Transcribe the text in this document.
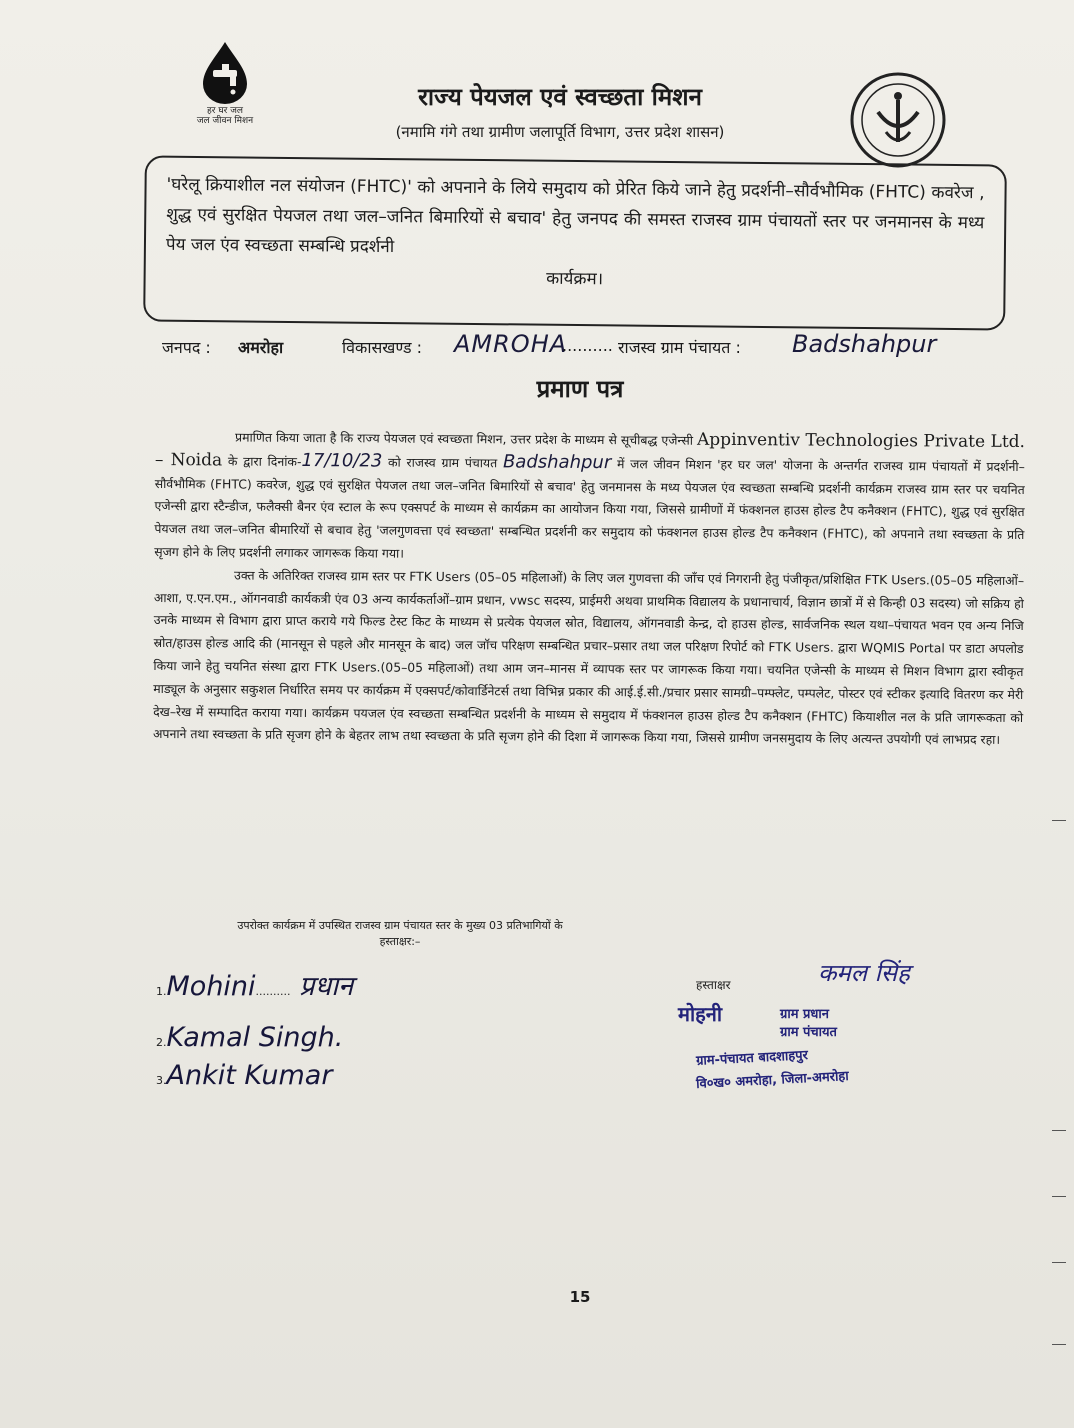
हर घर जल
जल जीवन मिशन
राज्य पेयजल एवं स्वच्छता मिशन
(नमामि गंगे तथा ग्रामीण जलापूर्ति विभाग, उत्तर प्रदेश शासन)
'घरेलू क्रियाशील नल संयोजन (FHTC)' को अपनाने के लिये समुदाय को प्रेरित किये जाने हेतु प्रदर्शनी–सौर्वभौमिक (FHTC) कवरेज , शुद्ध एवं सुरक्षित पेयजल तथा जल–जनित बिमारियों से बचाव' हेतु जनपद की समस्त राजस्व ग्राम पंचायतों स्तर पर जनमानस के मध्य पेय जल एंव स्वच्छता सम्बन्धि प्रदर्शनी
कार्यक्रम।
जनपद : अमरोहा	विकासखण्ड : AMROHA
.......... राजस्व ग्राम पंचायत : Badshahpur
प्रमाण पत्र

प्रमाणित किया जाता है कि राज्य पेयजल एवं स्वच्छता मिशन, उत्तर प्रदेश के माध्यम से सूचीबद्ध एजेन्सी Appinventiv Technologies Private Ltd. – Noida के द्वारा दिनांक-17/10/23 को राजस्व ग्राम पंचायत Badshahpur में जल जीवन मिशन 'हर घर जल' योजना के अन्तर्गत राजस्व ग्राम पंचायतों में प्रदर्शनी–सौर्वभौमिक (FHTC) कवरेज, शुद्ध एवं सुरक्षित पेयजल तथा जल–जनित बिमारियों से बचाव' हेतु जनमानस के मध्य पेयजल एंव स्वच्छता सम्बन्धि प्रदर्शनी कार्यक्रम राजस्व ग्राम स्तर पर चयनित एजेन्सी द्वारा स्टैन्डीज, फलैक्सी बैनर एंव स्टाल के रूप एक्सपर्ट के माध्यम से कार्यक्रम का आयोजन किया गया, जिससे ग्रामीणों में फंक्शनल हाउस होल्ड टैप कनैक्शन (FHTC), शुद्ध एवं सुरक्षित पेयजल तथा जल–जनित बीमारियों से बचाव हेतु 'जलगुणवत्ता एवं स्वच्छता' सम्बन्धित प्रदर्शनी कर समुदाय को फंक्शनल हाउस होल्ड टैप कनैक्शन (FHTC), को अपनाने तथा स्वच्छता के प्रति सृजग होने के लिए प्रदर्शनी लगाकर जागरूक किया गया।

उक्त के अतिरिक्त राजस्व ग्राम स्तर पर FTK Users (05–05 महिलाओं) के लिए जल गुणवत्ता की जाँच एवं निगरानी हेतु पंजीकृत/प्रशिक्षित FTK Users.(05–05 महिलाओं–आशा, ए.एन.एम., ऑगनवाडी कार्यकत्री एंव 03 अन्य कार्यकर्ताओं–ग्राम प्रधान, vwsc सदस्य, प्राईमरी अथवा प्राथमिक विद्यालय के प्रधानाचार्य, विज्ञान छात्रों में से किन्ही 03 सदस्य) जो सक्रिय हो उनके माध्यम से विभाग द्वारा प्राप्त कराये गये फिल्ड टेस्ट किट के माध्यम से प्रत्येक पेयजल स्रोत, विद्यालय, ऑगनवाडी केन्द्र, दो हाउस होल्ड, सार्वजनिक स्थल यथा–पंचायत भवन एव अन्य निजि स्रोत/हाउस होल्ड आदि की (मानसून से पहले और मानसून के बाद) जल जॉच परिक्षण सम्बन्धित प्रचार–प्रसार तथा जल परिक्षण रिपोर्ट को FTK Users. द्वारा WQMIS Portal पर डाटा अपलोड किया जाने हेतु चयनित संस्था द्वारा FTK Users.(05–05 महिलाओं) तथा आम जन–मानस में व्यापक स्तर पर जागरूक किया गया। चयनित एजेन्सी के माध्यम से मिशन विभाग द्वारा स्वीकृत माड्यूल के अनुसार सकुशल निर्धारित समय पर कार्यक्रम में एक्सपर्ट/कोवार्डिनेटर्स तथा विभिन्न प्रकार की आई.ई.सी./प्रचार प्रसार सामग्री–पम्फ्लेट, पम्पलेट, पोस्टर एवं स्टीकर इत्यादि वितरण कर मेरी देख–रेख में सम्पादित कराया गया। कार्यक्रम पयजल एंव स्वच्छता सम्बन्धित प्रदर्शनी के माध्यम से समुदाय में फंक्शनल हाउस होल्ड टैप कनैक्शन (FHTC) कियाशील नल के प्रति जागरूकता को अपनाने तथा स्वच्छता के प्रति सृजग होने के बेहतर लाभ तथा स्वच्छता के प्रति सृजग होने की दिशा में जागरूक किया गया, जिससे ग्रामीण जनसमुदाय के लिए अत्यन्त उपयोगी एवं लाभप्रद रहा।

उपरोक्त कार्यक्रम में उपस्थित राजस्व ग्राम पंचायत स्तर के मुख्य 03 प्रतिभागियों के
हस्ताक्षर:–
1.Mohini.......... प्रधान
2.Kamal Singh.
3.Ankit Kumar
हस्ताक्षर	कमल सिंह
मोहनी	ग्राम प्रधान
ग्राम पंचायत
ग्राम-पंचायत बादशाहपुर
वि०ख० अमरोहा, जिला-अमरोहा
15
